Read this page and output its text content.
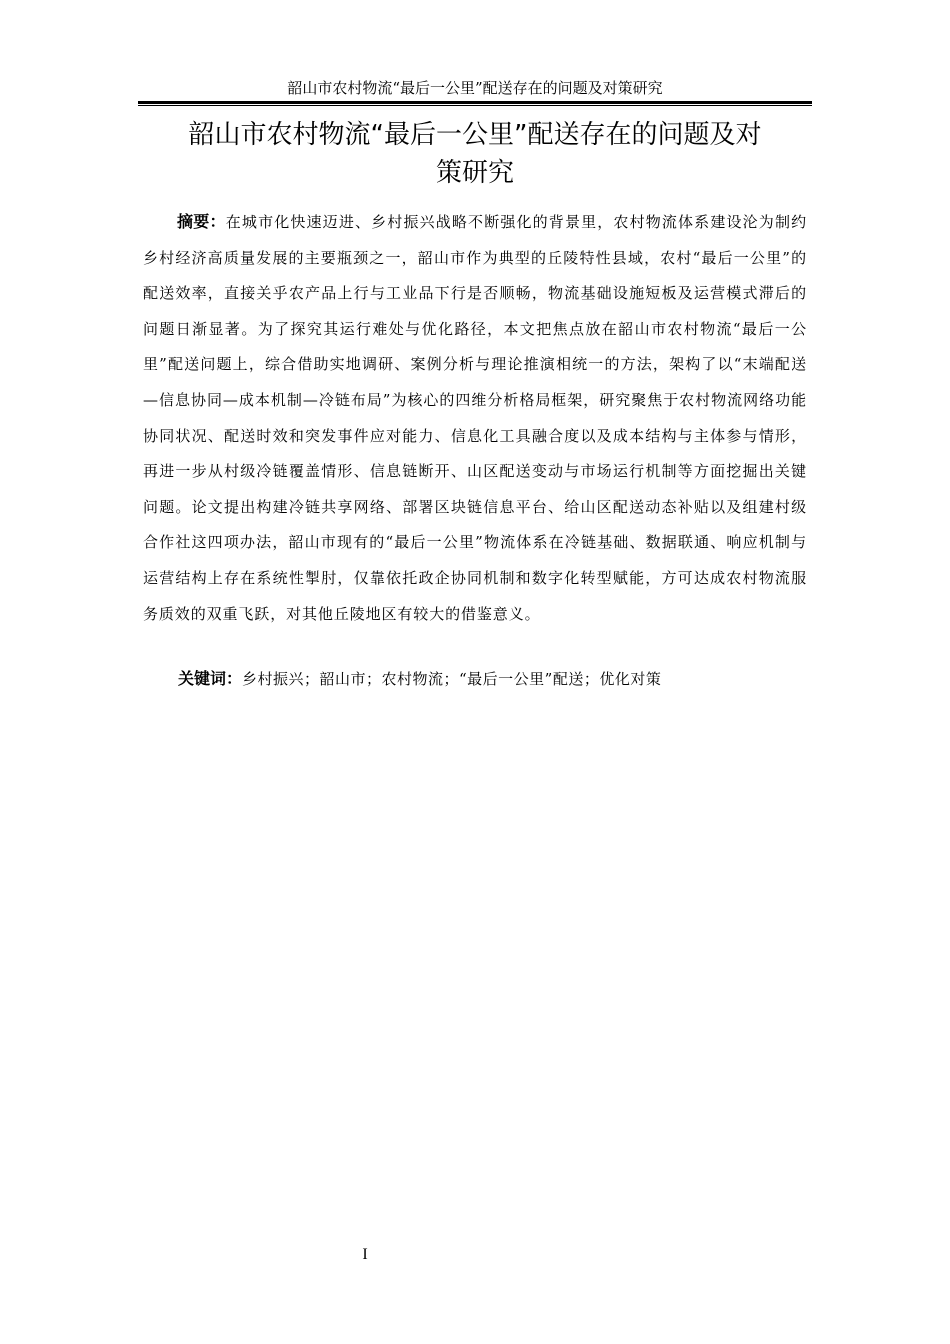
韶山市农村物流“最后一公里”配送存在的问题及对策研究
韶山市农村物流“最后一公里”配送存在的问题及对
策研究

摘要：在城市化快速迈进、乡村振兴战略不断强化的背景里，农村物流体系建设沦为制约乡村经济高质量发展的主要瓶颈之一，韶山市作为典型的丘陵特性县域，农村“最后一公里”的配送效率，直接关乎农产品上行与工业品下行是否顺畅，物流基础设施短板及运营模式滞后的问题日渐显著。为了探究其运行难处与优化路径，本文把焦点放在韶山市农村物流“最后一公里”配送问题上，综合借助实地调研、案例分析与理论推演相统一的方法，架构了以“末端配送—信息协同—成本机制—冷链布局”为核心的四维分析格局框架，研究聚焦于农村物流网络功能协同状况、配送时效和突发事件应对能力、信息化工具融合度以及成本结构与主体参与情形，再进一步从村级冷链覆盖情形、信息链断开、山区配送变动与市场运行机制等方面挖掘出关键问题。论文提出构建冷链共享网络、部署区块链信息平台、给山区配送动态补贴以及组建村级合作社这四项办法，韶山市现有的“最后一公里”物流体系在冷链基础、数据联通、响应机制与运营结构上存在系统性掣肘，仅靠依托政企协同机制和数字化转型赋能，方可达成农村物流服务质效的双重飞跃，对其他丘陵地区有较大的借鉴意义。

关键词：乡村振兴；韶山市；农村物流；“最后一公里”配送；优化对策

I
